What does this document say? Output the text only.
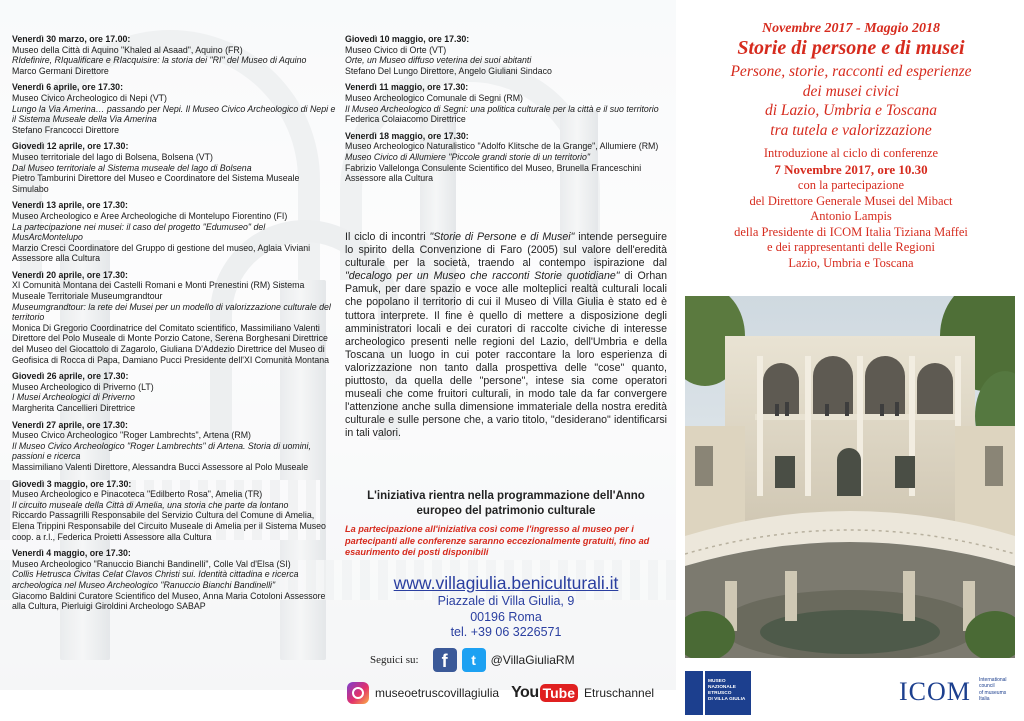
Venerdì 30 marzo, ore 17.00:
Museo della Città di Aquino "Khaled al Asaad", Aquino (FR)
RIdefinire, RIqualificare e RIacquisire: la storia dei "RI" del Museo di Aquino
Marco Germani Direttore
Venerdì 6 aprile, ore 17.30:
Museo Civico Archeologico di Nepi (VT)
Lungo la Via Amerina… passando per Nepi. Il Museo Civico Archeologico di Nepi e il Sistema Museale della Via Amerina
Stefano Francocci Direttore
Giovedì 12 aprile, ore 17.30:
Museo territoriale del lago di Bolsena, Bolsena (VT)
Dal Museo territoriale al Sistema museale del lago di Bolsena
Pietro Tamburini Direttore del Museo e Coordinatore del Sistema Museale Simulabo
Venerdì 13 aprile, ore 17.30:
Museo Archeologico e Aree Archeologiche di Montelupo Fiorentino (FI)
La partecipazione nei musei: il caso del progetto "Edumuseo" del MusArcMontelupo
Marzio Cresci Coordinatore del Gruppo di gestione del museo, Aglaia Viviani Assessore alla Cultura
Venerdì 20 aprile, ore 17.30:
XI Comunità Montana dei Castelli Romani e Monti Prenestini (RM) Sistema Museale Territoriale Museumgrandtour
Museumgrandtour: la rete dei Musei per un modello di valorizzazione culturale del territorio
Monica Di Gregorio Coordinatrice del Comitato scientifico, Massimiliano Valenti Direttore del Polo Museale di Monte Porzio Catone, Serena Borghesani Direttrice del Museo del Giocattolo di Zagarolo, Giuliana D'Addezio Direttrice del Museo di Geofisica di Rocca di Papa, Damiano Pucci Presidente dell'XI Comunità Montana
Giovedì 26 aprile, ore 17.30:
Museo Archeologico di Priverno (LT)
I Musei Archeologici di Priverno
Margherita Cancellieri Direttrice
Venerdì 27 aprile, ore 17.30:
Museo Civico Archeologico "Roger Lambrechts", Artena (RM)
Il Museo Civico Archeologico "Roger Lambrechts" di Artena. Storia di uomini, passioni e ricerca
Massimiliano Valenti Direttore, Alessandra Bucci Assessore al Polo Museale
Giovedì 3 maggio, ore 17.30:
Museo Archeologico e Pinacoteca "Edilberto Rosa", Amelia (TR)
Il circuito museale della Città di Amelia, una storia che parte da lontano
Riccardo Passagrilli Responsabile del Servizio Cultura del Comune di Amelia, Elena Trippini Responsabile del Circuito Museale di Amelia per il Sistema Museo coop. a r.l., Federica Proietti Assessore alla Cultura
Venerdì 4 maggio, ore 17.30:
Museo Archeologico "Ranuccio Bianchi Bandinelli", Colle Val d'Elsa (SI)
Collis Hetrusca Civitas Celat Clavos Christi sui. Identità cittadina e ricerca archeologica nel Museo Archeologico "Ranuccio Bianchi Bandinelli"
Giacomo Baldini Curatore Scientifico del Museo, Anna Maria Cotoloni Assessore alla Cultura, Pierluigi Giroldini Archeologo SABAP
Giovedì 10 maggio, ore 17.30:
Museo Civico di Orte (VT)
Orte, un Museo diffuso veterina dei suoi abitanti
Stefano Del Lungo Direttore, Angelo Giuliani Sindaco
Venerdì 11 maggio, ore 17.30:
Museo Archeologico Comunale di Segni (RM)
Il Museo Archeologico di Segni: una politica culturale per la città e il suo territorio
Federica Colaiacomo Direttrice
Venerdì 18 maggio, ore 17.30:
Museo Archeologico Naturalistico "Adolfo Klitsche de la Grange", Allumiere (RM)
Museo Civico di Allumiere "Piccole grandi storie di un territorio"
Fabrizio Vallelonga Consulente Scientifico del Museo, Brunella Franceschini Assessore alla Cultura
Il ciclo di incontri "Storie di Persone e di Musei" intende perseguire lo spirito della Convenzione di Faro (2005) sul valore dell'eredità culturale per la società, traendo al contempo ispirazione dal "decalogo per un Museo che racconti Storie quotidiane" di Orhan Pamuk, per dare spazio e voce alle molteplici realtà culturali locali che popolano il territorio di cui il Museo di Villa Giulia è stato ed è tuttora interprete. Il fine è quello di mettere a disposizione degli amministratori locali e dei curatori di raccolte civiche di interesse archeologico presenti nelle regioni del Lazio, dell'Umbria e della Toscana un luogo in cui poter raccontare la loro esperienza di valorizzazione non tanto dalla prospettiva delle "cose" quanto, piuttosto, da quella delle "persone", intese sia come operatori museali che come fruitori culturali, in modo tale da far convergere l'attenzione anche sulla dimensione immateriale della nostra eredità culturale e sulle persone che, a vario titolo, "desiderano" identificarsi in tali valori.
L'iniziativa rientra nella programmazione dell'Anno europeo del patrimonio culturale
La partecipazione all'iniziativa così come l'ingresso al museo per i partecipanti alle conferenze saranno eccezionalmente gratuiti, fino ad esaurimento dei posti disponibili
www.villagiulia.beniculturali.it
Piazzale di Villa Giulia, 9
00196 Roma
tel. +39 06 3226571
Seguici su:	f	t	@VillaGiuliaRM
museoetruscovillagiulia You Tube Etruschannel
Novembre 2017 - Maggio 2018
Storie di persone e di musei
Persone, storie, racconti ed esperienze
dei musei civici
di Lazio, Umbria e Toscana
tra tutela e valorizzazione
Introduzione al ciclo di conferenze
7 Novembre 2017, ore 10.30
con la partecipazione
del Direttore Generale Musei del Mibact
Antonio Lampis
della Presidente di ICOM Italia Tiziana Maffei
e dei rappresentanti delle Regioni
Lazio, Umbria e Toscana
MUSEO
NAZIONALE
ETRUSCO
DI VILLA GIULIA	ICOM International
council
of museums
Italia
